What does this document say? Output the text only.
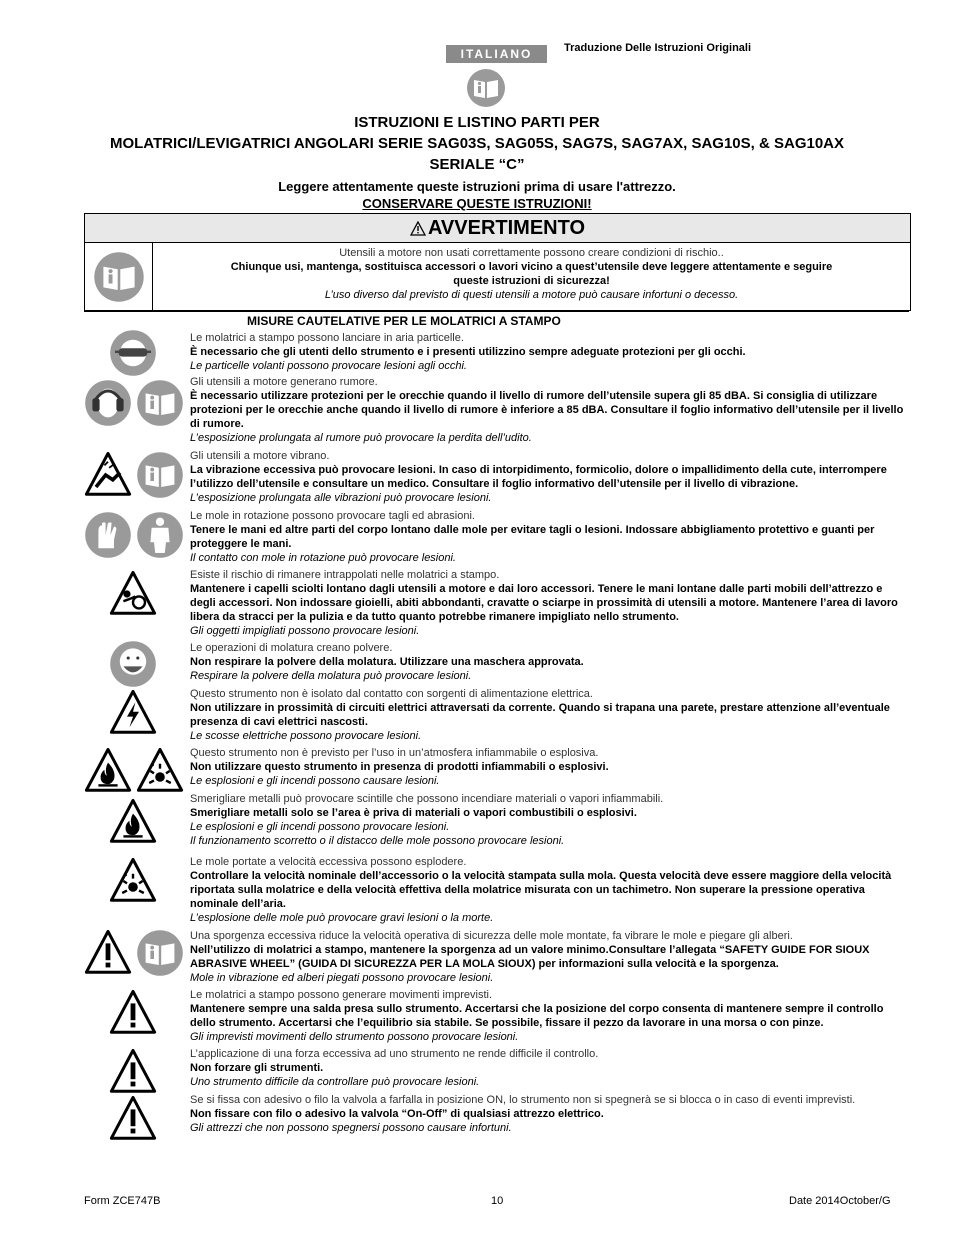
ITALIANO	Traduzione Delle Istruzioni Originali
ISTRUZIONI E LISTINO PARTI PER
MOLATRICI/LEVIGATRICI ANGOLARI SERIE SAG03S, SAG05S, SAG7S, SAG7AX, SAG10S, & SAG10AX
SERIALE “C”
Leggere attentamente queste istruzioni prima di usare l'attrezzo.
CONSERVARE QUESTE ISTRUZIONI!
AVVERTIMENTO
Utensili a motore non usati correttamente possono creare condizioni di rischio..
Chiunque usi, mantenga, sostituisca accessori o lavori vicino a quest’utensile deve leggere attentamente e seguire
queste istruzioni di sicurezza!
L’uso diverso dal previsto di questi utensili a motore può causare infortuni o decesso.
MISURE CAUTELATIVE PER LE MOLATRICI A STAMPO
Le molatrici a stampo possono lanciare in aria particelle.
È necessario che gli utenti dello strumento e i presenti utilizzino sempre adeguate protezioni per gli occhi.
Le particelle volanti possono provocare lesioni agli occhi.
Gli utensili a motore generano rumore.
È necessario utilizzare protezioni per le orecchie quando il livello di rumore dell’utensile supera gli 85 dBA. Si consiglia di utilizzare protezioni per le orecchie anche quando il livello di rumore è inferiore a 85 dBA. Consultare il foglio informativo dell’utensile per il livello di rumore.
L’esposizione prolungata al rumore può provocare la perdita dell’udito.
Gli utensili a motore vibrano.
La vibrazione eccessiva può provocare lesioni. In caso di intorpidimento, formicolio, dolore o impallidimento della cute, interrompere l’utilizzo dell’utensile e consultare un medico. Consultare il foglio informativo dell’utensile per il livello di vibrazione.
L’esposizione prolungata alle vibrazioni può provocare lesioni.
Le mole in rotazione possono provocare tagli ed abrasioni.
Tenere le mani ed altre parti del corpo lontano dalle mole per evitare tagli o lesioni. Indossare abbigliamento protettivo e guanti per proteggere le mani.
Il contatto con mole in rotazione può provocare lesioni.
Esiste il rischio di rimanere intrappolati nelle molatrici a stampo.
Mantenere i capelli sciolti lontano dagli utensili a motore e dai loro accessori. Tenere le mani lontane dalle parti mobili dell’attrezzo e degli accessori. Non indossare gioielli, abiti abbondanti, cravatte o sciarpe in prossimità di utensili a motore. Mantenere l’area di lavoro libera da stracci per la pulizia e da tutto quanto potrebbe rimanere impigliato nello strumento.
Gli oggetti impigliati possono provocare lesioni.
Le operazioni di molatura creano polvere.
Non respirare la polvere della molatura. Utilizzare una maschera approvata.
Respirare la polvere della molatura può provocare lesioni.
Questo strumento non è isolato dal contatto con sorgenti di alimentazione elettrica.
Non utilizzare in prossimità di circuiti elettrici attraversati da corrente. Quando si trapana una parete, prestare attenzione all’eventuale presenza di cavi elettrici nascosti.
Le scosse elettriche possono provocare lesioni.
Questo strumento non è previsto per l’uso in un’atmosfera infiammabile o esplosiva.
Non utilizzare questo strumento in presenza di prodotti infiammabili o esplosivi.
Le esplosioni e gli incendi possono causare lesioni.
Smerigliare metalli può provocare scintille che possono incendiare materiali o vapori infiammabili.
Smerigliare metalli solo se l’area è priva di materiali o vapori combustibili o esplosivi.
Le esplosioni e gli incendi possono provocare lesioni.
Il funzionamento scorretto o il distacco delle mole possono provocare lesioni.
Le mole portate a velocità eccessiva possono esplodere.
Controllare la velocità nominale dell’accessorio o la velocità stampata sulla mola. Questa velocità deve essere maggiore della velocità riportata sulla molatrice e della velocità effettiva della molatrice misurata con un tachimetro. Non superare la pressione operativa nominale dell’aria.
L’esplosione delle mole può provocare gravi lesioni o la morte.
Una sporgenza eccessiva riduce la velocità operativa di sicurezza delle mole montate, fa vibrare le mole e piegare gli alberi.
Nell’utilizzo di molatrici a stampo, mantenere la sporgenza ad un valore minimo.Consultare l’allegata “SAFETY GUIDE FOR SIOUX ABRASIVE WHEEL” (GUIDA DI SICUREZZA PER LA MOLA SIOUX) per informazioni sulla velocità e la sporgenza.
Mole in vibrazione ed alberi piegati possono provocare lesioni.
Le molatrici a stampo possono generare movimenti imprevisti.
Mantenere sempre una salda presa sullo strumento. Accertarsi che la posizione del corpo consenta di mantenere sempre il controllo dello strumento. Accertarsi che l’equilibrio sia stabile. Se possibile, fissare il pezzo da lavorare in una morsa o con pinze.
Gli imprevisti movimenti dello strumento possono provocare lesioni.
L’applicazione di una forza eccessiva ad uno strumento ne rende difficile il controllo.
Non forzare gli strumenti.
Uno strumento difficile da controllare può provocare lesioni.
Se si fissa con adesivo o filo la valvola a farfalla in posizione ON, lo strumento non si spegnerà se si blocca o in caso di eventi imprevisti.
Non fissare con filo o adesivo la valvola “On-Off” di qualsiasi attrezzo elettrico.
Gli attrezzi che non possono spegnersi possono causare infortuni.
Form ZCE747B	10	Date 2014October/G
